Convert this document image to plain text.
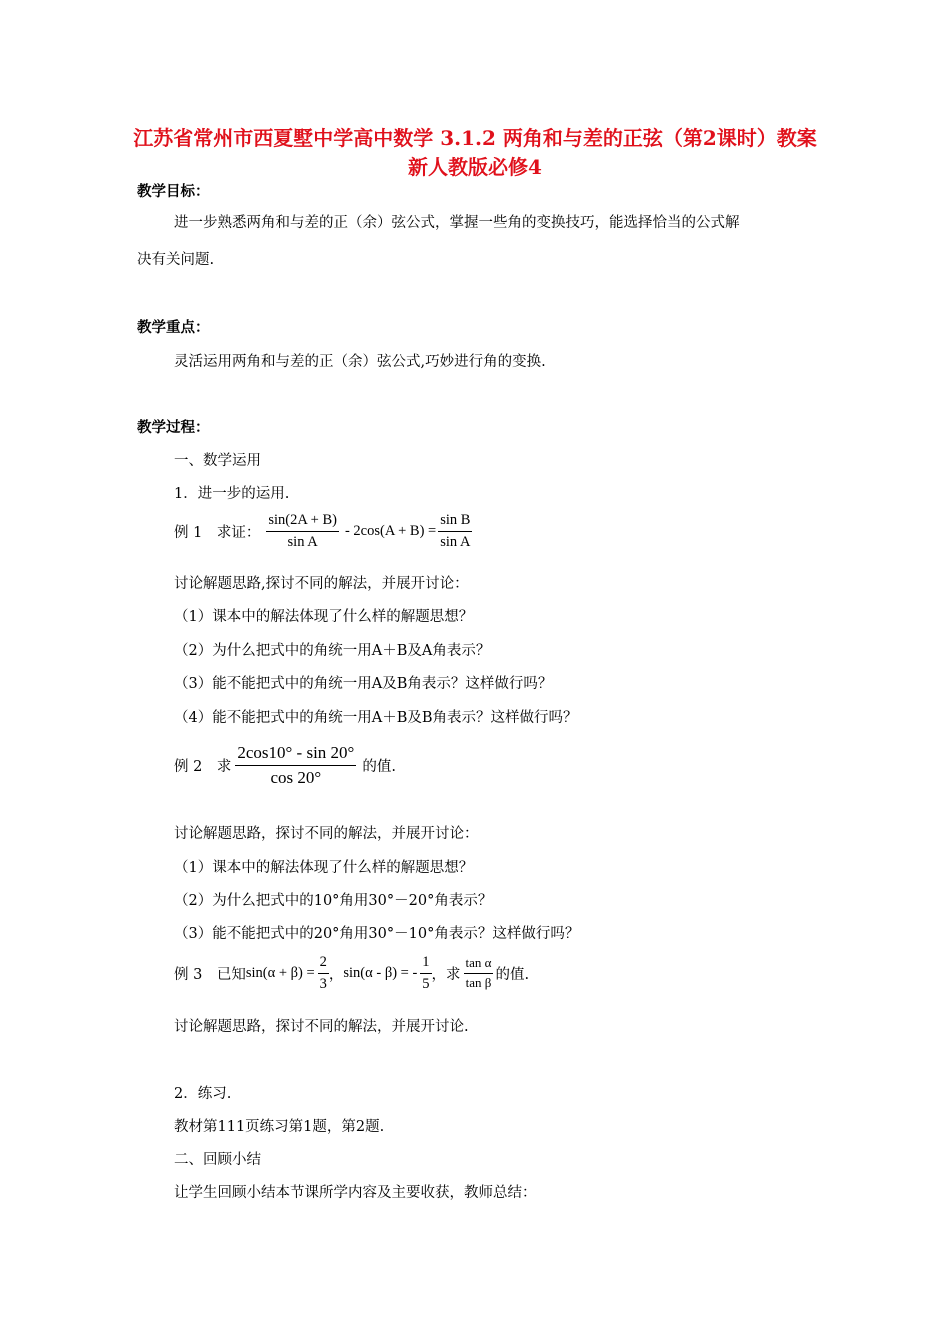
江苏省常州市西夏墅中学高中数学 3.1.2 两角和与差的正弦（第2课时）教案 新人教版必修4
教学目标：
进一步熟悉两角和与差的正（余）弦公式，掌握一些角的变换技巧，能选择恰当的公式解
决有关问题.
教学重点：
灵活运用两角和与差的正（余）弦公式,巧妙进行角的变换.
教学过程：
一、数学运用
1．进一步的运用.
例 1　求证： $\frac{\sin(2A + B)}{\text{sin A}} - 2\cos(A + B) = \frac{\text{sin B}}{\text{sin A}}$
讨论解题思路,探讨不同的解法，并展开讨论：
（1）课本中的解法体现了什么样的解题思想？
（2）为什么把式中的角统一用A＋B及A角表示？
（3）能不能把式中的角统一用A及B角表示？这样做行吗？
（4）能不能把式中的角统一用A＋B及B角表示？这样做行吗？
例 2　求 $\frac{2\cos 10^\circ - \sin 20^\circ}{\cos 20^\circ}$ 的值.
讨论解题思路，探讨不同的解法，并展开讨论：
（1）课本中的解法体现了什么样的解题思想？
（2）为什么把式中的10°角用30°－20°角表示？
（3）能不能把式中的20°角用30°－10°角表示？这样做行吗？
例 3　已知 $\sin(\alpha + \beta) = \frac{2}{3}$ ， sin(α - β) = - $\frac{1}{5}$ ，求 $\frac{\text{tan α}}{\text{tan β}}$ 的值.
讨论解题思路，探讨不同的解法，并展开讨论.
2．练习.
教材第111页练习第1题，第2题.
二、回顾小结
让学生回顾小结本节课所学内容及主要收获，教师总结：
